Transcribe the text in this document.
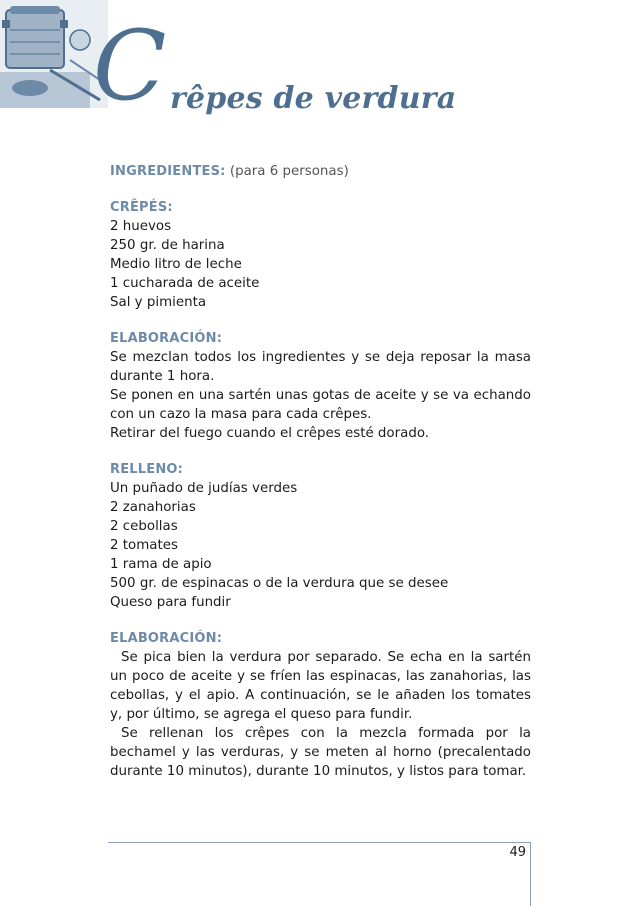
C rêpes de verdura
INGREDIENTES: (para 6 personas)
CRÊPÉS:
2 huevos
250 gr. de harina
Medio litro de leche
1 cucharada de aceite
Sal y pimienta
ELABORACIÓN:

Se mezclan todos los ingredientes y se deja reposar la masa durante 1 hora.

Se ponen en una sartén unas gotas de aceite y se va echando con un cazo la masa para cada crêpes.

Retirar del fuego cuando el crêpes esté dorado.

RELLENO:
Un puñado de judías verdes
2 zanahorias
2 cebollas
2 tomates
1 rama de apio
500 gr. de espinacas o de la verdura que se desee
Queso para fundir
ELABORACIÓN:

Se pica bien la verdura por separado. Se echa en la sartén un poco de aceite y se fríen las espinacas, las zanahorias, las cebollas, y el apio. A continuación, se le añaden los tomates y, por último, se agrega el queso para fundir.

Se rellenan los crêpes con la mezcla formada por la bechamel y las verduras, y se meten al horno (precalentado durante 10 minutos), durante 10 minutos, y listos para tomar.

49
